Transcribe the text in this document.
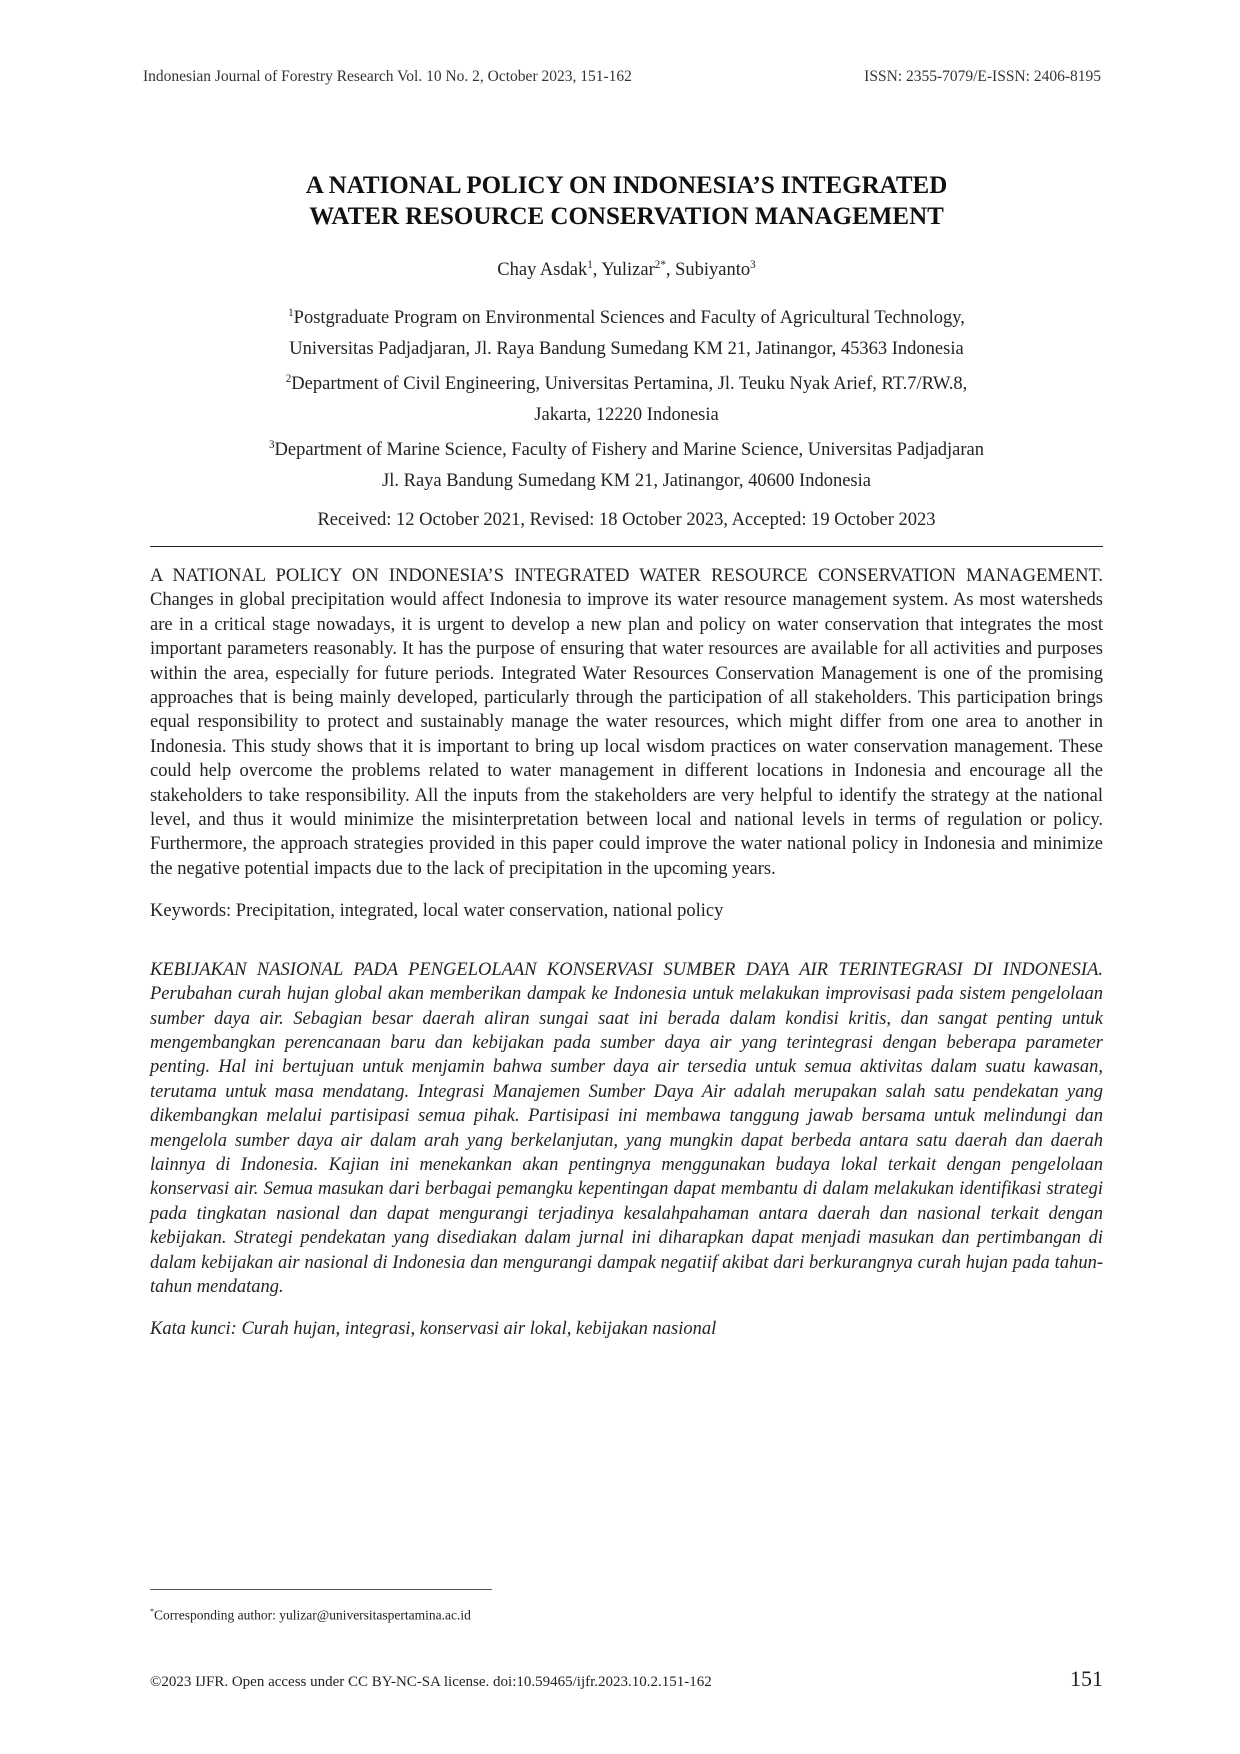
Indonesian Journal of Forestry Research Vol. 10 No. 2, October 2023, 151-162	ISSN: 2355-7079/E-ISSN: 2406-8195
A NATIONAL POLICY ON INDONESIA’S INTEGRATED
WATER RESOURCE CONSERVATION MANAGEMENT
Chay Asdak$^1$, Yulizar$^{2*}$, Subiyanto$^3$
$^1$Postgraduate Program on Environmental Sciences and Faculty of Agricultural Technology,
Universitas Padjadjaran, Jl. Raya Bandung Sumedang KM 21, Jatinangor, 45363 Indonesia
$^2$Department of Civil Engineering, Universitas Pertamina, Jl. Teuku Nyak Arief, RT.7/RW.8,
Jakarta, 12220 Indonesia
$^3$Department of Marine Science, Faculty of Fishery and Marine Science, Universitas Padjadjaran
Jl. Raya Bandung Sumedang KM 21, Jatinangor, 40600 Indonesia
Received: 12 October 2021, Revised: 18 October 2023, Accepted: 19 October 2023

A NATIONAL POLICY ON INDONESIA’S INTEGRATED WATER RESOURCE CONSERVATION MANAGEMENT. Changes in global precipitation would affect Indonesia to improve its water resource management system. As most watersheds are in a critical stage nowadays, it is urgent to develop a new plan and policy on water conservation that integrates the most important parameters reasonably. It has the purpose of ensuring that water resources are available for all activities and purposes within the area, especially for future periods. Integrated Water Resources Conservation Management is one of the promising approaches that is being mainly developed, particularly through the participation of all stakeholders. This participation brings equal responsibility to protect and sustainably manage the water resources, which might differ from one area to another in Indonesia. This study shows that it is important to bring up local wisdom practices on water conservation management. These could help overcome the problems related to water management in different locations in Indonesia and encourage all the stakeholders to take responsibility. All the inputs from the stakeholders are very helpful to identify the strategy at the national level, and thus it would minimize the misinterpretation between local and national levels in terms of regulation or policy. Furthermore, the approach strategies provided in this paper could improve the water national policy in Indonesia and minimize the negative potential impacts due to the lack of precipitation in the upcoming years.

Keywords: Precipitation, integrated, local water conservation, national policy

KEBIJAKAN NASIONAL PADA PENGELOLAAN KONSERVASI SUMBER DAYA AIR TERINTEGRASI DI INDONESIA. Perubahan curah hujan global akan memberikan dampak ke Indonesia untuk melakukan improvisasi pada sistem pengelolaan sumber daya air. Sebagian besar daerah aliran sungai saat ini berada dalam kondisi kritis, dan sangat penting untuk mengembangkan perencanaan baru dan kebijakan pada sumber daya air yang terintegrasi dengan beberapa parameter penting. Hal ini bertujuan untuk menjamin bahwa sumber daya air tersedia untuk semua aktivitas dalam suatu kawasan, terutama untuk masa mendatang. Integrasi Manajemen Sumber Daya Air adalah merupakan salah satu pendekatan yang dikembangkan melalui partisipasi semua pihak. Partisipasi ini membawa tanggung jawab bersama untuk melindungi dan mengelola sumber daya air dalam arah yang berkelanjutan, yang mungkin dapat berbeda antara satu daerah dan daerah lainnya di Indonesia. Kajian ini menekankan akan pentingnya menggunakan budaya lokal terkait dengan pengelolaan konservasi air. Semua masukan dari berbagai pemangku kepentingan dapat membantu di dalam melakukan identifikasi strategi pada tingkatan nasional dan dapat mengurangi terjadinya kesalahpahaman antara daerah dan nasional terkait dengan kebijakan. Strategi pendekatan yang disediakan dalam jurnal ini diharapkan dapat menjadi masukan dan pertimbangan di dalam kebijakan air nasional di Indonesia dan mengurangi dampak negatiif akibat dari berkurangnya curah hujan pada tahun-tahun mendatang.

Kata kunci: Curah hujan, integrasi, konservasi air lokal, kebijakan nasional

*Corresponding author: yulizar@universitaspertamina.ac.id
©2023 IJFR. Open access under CC BY-NC-SA license. doi:10.59465/ijfr.2023.10.2.151-162	151
